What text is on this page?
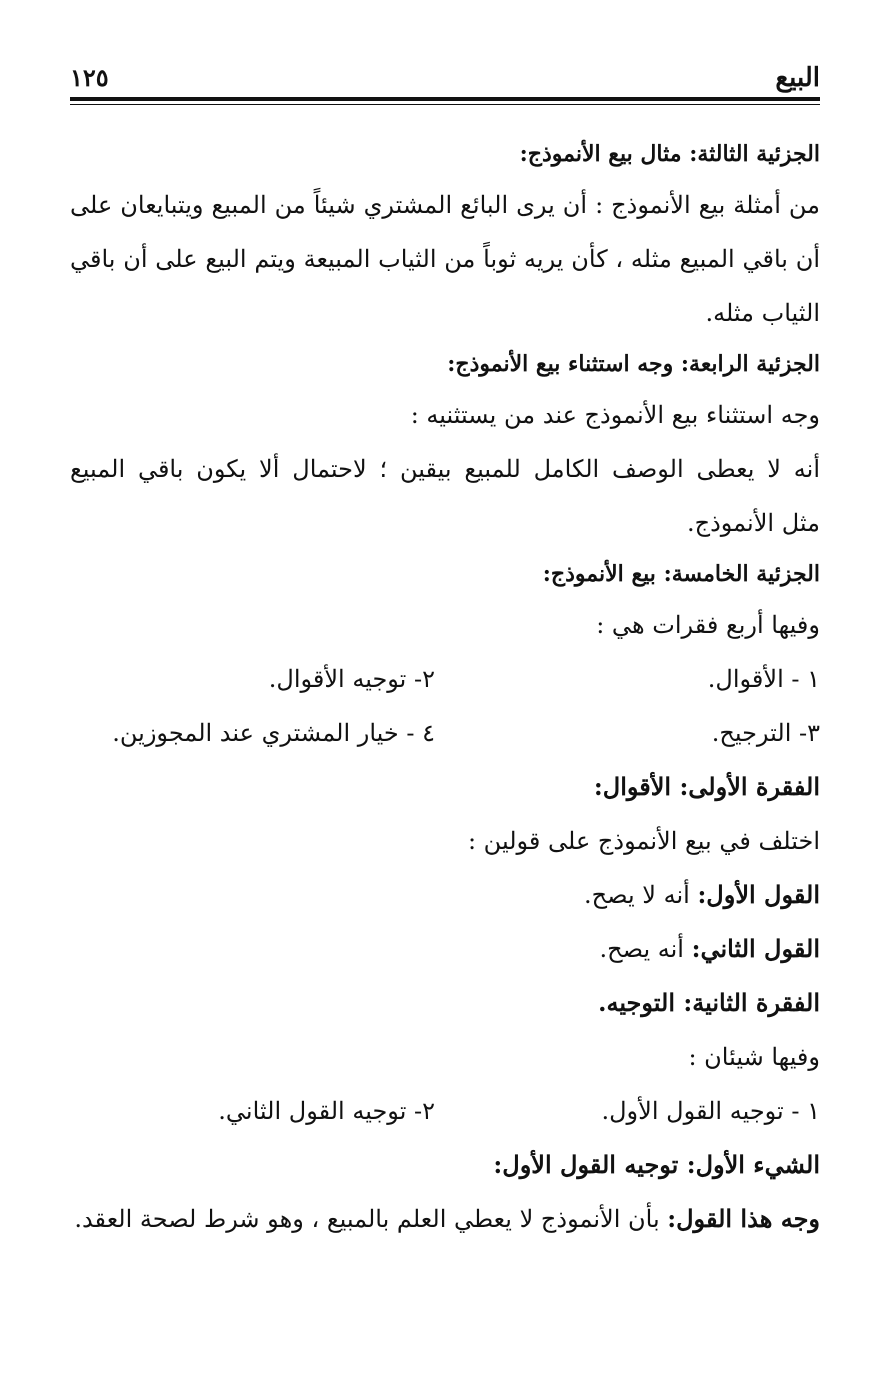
البيع
١٢٥
الجزئية الثالثة: مثال بيع الأنموذج:
من أمثلة بيع الأنموذج : أن يرى البائع المشتري شيئاً من المبيع ويتبايعان على
أن باقي المبيع مثله ، كأن يريه ثوباً من الثياب المبيعة ويتم البيع على أن باقي
الثياب مثله.
الجزئية الرابعة: وجه استثناء بيع الأنموذج:
وجه استثناء بيع الأنموذج عند من يستثنيه :
أنه لا يعطى الوصف الكامل للمبيع بيقين ؛ لاحتمال ألا يكون باقي المبيع
مثل الأنموذج.
الجزئية الخامسة: بيع الأنموذج:
وفيها أربع فقرات هي :
١ - الأقوال.
٢- توجيه الأقوال.
٣- الترجيح.
٤ - خيار المشتري عند المجوزين.
الفقرة الأولى: الأقوال:
اختلف في بيع الأنموذج على قولين :
القول الأول: أنه لا يصح.
القول الثاني: أنه يصح.
الفقرة الثانية: التوجيه.
وفيها شيئان :
١ - توجيه القول الأول.
٢- توجيه القول الثاني.
الشيء الأول: توجيه القول الأول:
وجه هذا القول: بأن الأنموذج لا يعطي العلم بالمبيع ، وهو شرط لصحة العقد.
